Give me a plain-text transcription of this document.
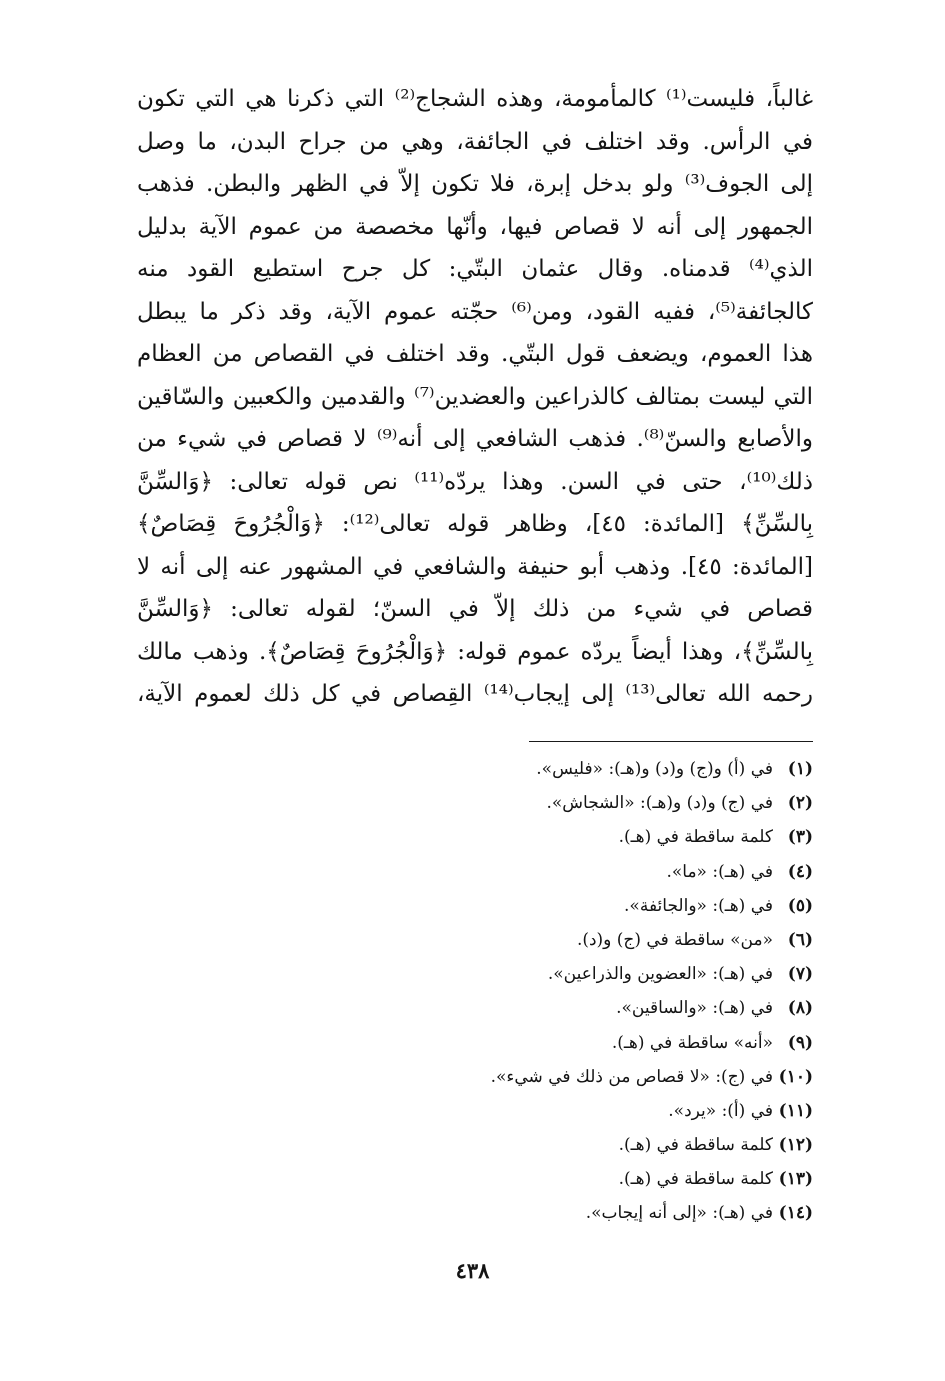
غالباً، فليست⁽¹⁾ كالمأمومة، وهذه الشجاج⁽²⁾ التي ذكرنا هي التي تكون
في الرأس. وقد اختلف في الجائفة، وهي من جراح البدن، ما وصل
إلى الجوف⁽³⁾ ولو بدخل إبرة، فلا تكون إلاّ في الظهر والبطن. فذهب
الجمهور إلى أنه لا قصاص فيها، وأنّها مخصصة من عموم الآية بدليل
الذي⁽⁴⁾ قدمناه. وقال عثمان البتّي: كل جرح استطيع القود منه
كالجائفة⁽⁵⁾، ففيه القود، ومن⁽⁶⁾ حجّته عموم الآية، وقد ذكر ما يبطل
هذا العموم، ويضعف قول البتّي. وقد اختلف في القصاص من العظام
التي ليست بمتالف كالذراعين والعضدين⁽⁷⁾ والقدمين والكعبين والسّاقين
والأصابع والسنّ⁽⁸⁾. فذهب الشافعي إلى أنه⁽⁹⁾ لا قصاص في شيء من
ذلك⁽¹⁰⁾، حتى في السن. وهذا يردّه⁽¹¹⁾ نص قوله تعالى: ﴿وَالسِّنَّ
بِالسِّنِّ﴾ [المائدة: ٤٥]، وظاهر قوله تعالى⁽¹²⁾: ﴿وَالْجُرُوحَ قِصَاصٌ﴾
[المائدة: ٤٥]. وذهب أبو حنيفة والشافعي في المشهور عنه إلى أنه لا
قصاص في شيء من ذلك إلاّ في السنّ؛ لقوله تعالى: ﴿وَالسِّنَّ
بِالسِّنِّ﴾، وهذا أيضاً يردّه عموم قوله: ﴿وَالْجُرُوحَ قِصَاصٌ﴾. وذهب مالك
رحمه الله تعالى⁽¹³⁾ إلى إيجاب⁽¹⁴⁾ القِصاص في كل ذلك لعموم الآية،
(١)في (أ) و(ج) و(د) و(هـ): «فليس».
(٢)في (ج) و(د) و(هـ): «الشجاش».
(٣)كلمة ساقطة في (هـ).
(٤)في (هـ): «ما».
(٥)في (هـ): «والجائفة».
(٦)«من» ساقطة في (ج) و(د).
(٧)في (هـ): «العضوين والذراعين».
(٨)في (هـ): «والساقين».
(٩)«أنه» ساقطة في (هـ).
(١٠)في (ج): «لا قصاص من ذلك في شيء».
(١١)في (أ): «يرد».
(١٢)كلمة ساقطة في (هـ).
(١٣)كلمة ساقطة في (هـ).
(١٤)في (هـ): «إلى أنه إيجاب».
٤٣٨
